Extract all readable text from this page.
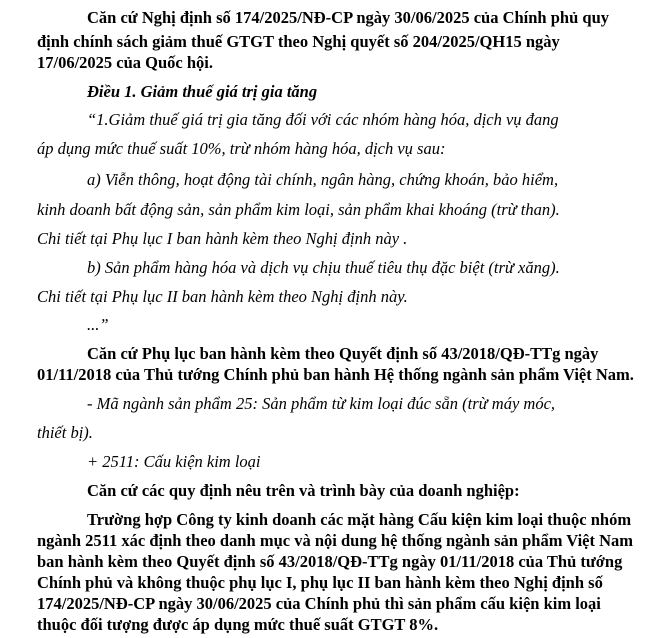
Căn cứ Nghị định số 174/2025/NĐ-CP ngày 30/06/2025 của Chính phủ quy

định chính sách giảm thuế GTGT theo Nghị quyết số 204/2025/QH15 ngày

17/06/2025 của Quốc hội.

Điều 1. Giảm thuế giá trị gia tăng

“1.Giảm thuế giá trị gia tăng đối với các nhóm hàng hóa, dịch vụ đang

áp dụng mức thuế suất 10%, trừ nhóm hàng hóa, dịch vụ sau:

a) Viễn thông, hoạt động tài chính, ngân hàng, chứng khoán, bảo hiểm,

kinh doanh bất động sản, sản phẩm kim loại, sản phẩm khai khoáng (trừ than).

Chi tiết tại Phụ lục I ban hành kèm theo Nghị định này .

b) Sản phẩm hàng hóa và dịch vụ chịu thuế tiêu thụ đặc biệt (trừ xăng).

Chi tiết tại Phụ lục II ban hành kèm theo Nghị định này.

...”

Căn cứ Phụ lục ban hành kèm theo Quyết định số 43/2018/QĐ-TTg ngày

01/11/2018 của Thủ tướng Chính phủ ban hành Hệ thống ngành sản phẩm Việt Nam.

- Mã ngành sản phẩm 25: Sản phẩm từ kim loại đúc sẵn (trừ máy móc,

thiết bị).

+ 2511: Cấu kiện kim loại

Căn cứ các quy định nêu trên và trình bày của doanh nghiệp:

Trường hợp Công ty kinh doanh các mặt hàng Cấu kiện kim loại thuộc nhóm

ngành 2511 xác định theo danh mục và nội dung hệ thống ngành sản phẩm Việt Nam

ban hành kèm theo Quyết định số 43/2018/QĐ-TTg ngày 01/11/2018 của Thủ tướng

Chính phủ và không thuộc phụ lục I, phụ lục II ban hành kèm theo Nghị định số

174/2025/NĐ-CP ngày 30/06/2025 của Chính phủ thì sản phẩm cấu kiện kim loại

thuộc đối tượng được áp dụng mức thuế suất GTGT 8%.
